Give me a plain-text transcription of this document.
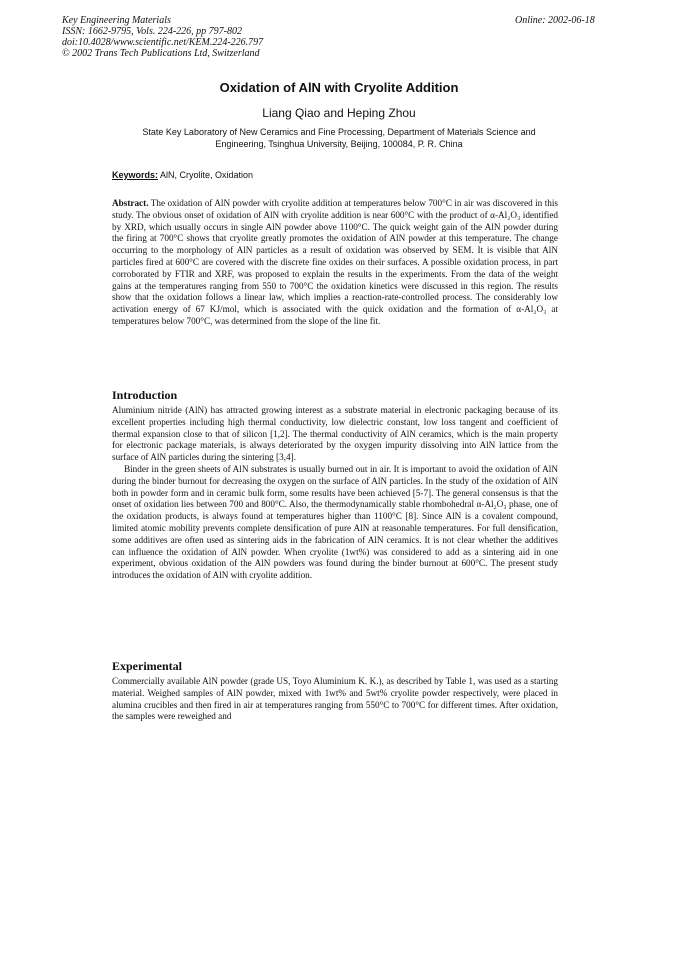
Key Engineering Materials
ISSN: 1662-9795, Vols. 224-226, pp 797-802
doi:10.4028/www.scientific.net/KEM.224-226.797
© 2002 Trans Tech Publications Ltd, Switzerland
Online: 2002-06-18
Oxidation of AlN with Cryolite Addition
Liang Qiao and Heping Zhou
State Key Laboratory of New Ceramics and Fine Processing, Department of Materials Science and
Engineering, Tsinghua University, Beijing, 100084, P. R. China
Keywords: AlN, Cryolite, Oxidation
Abstract. The oxidation of AlN powder with cryolite addition at temperatures below 700°C in air was discovered in this study. The obvious onset of oxidation of AlN with cryolite addition is near 600°C with the product of α-Al₂O₃ identified by XRD, which usually occurs in single AlN powder above 1100°C. The quick weight gain of the AlN powder during the firing at 700°C shows that cryolite greatly promotes the oxidation of AlN powder at this temperature. The change occurring to the morphology of AlN particles as a result of oxidation was observed by SEM. It is visible that AlN particles fired at 600°C are covered with the discrete fine oxides on their surfaces. A possible oxidation process, in part corroborated by FTIR and XRF, was proposed to explain the results in the experiments. From the data of the weight gains at the temperatures ranging from 550 to 700°C the oxidation kinetics were discussed in this region. The results show that the oxidation follows a linear law, which implies a reaction-rate-controlled process. The considerably low activation energy of 67 KJ/mol, which is associated with the quick oxidation and the formation of α-Al₂O₃ at temperatures below 700°C, was determined from the slope of the line fit.
Introduction

Aluminium nitride (AlN) has attracted growing interest as a substrate material in electronic packaging because of its excellent properties including high thermal conductivity, low dielectric constant, low loss tangent and coefficient of thermal expansion close to that of silicon [1,2]. The thermal conductivity of AlN ceramics, which is the main property for electronic package materials, is always deteriorated by the oxygen impurity dissolving into AlN lattice from the surface of AlN particles during the sintering [3,4].

Binder in the green sheets of AlN substrates is usually burned out in air. It is important to avoid the oxidation of AlN during the binder burnout for decreasing the oxygen on the surface of AlN particles. In the study of the oxidation of AlN both in powder form and in ceramic bulk form, some results have been achieved [5-7]. The general consensus is that the onset of oxidation lies between 700 and 800°C. Also, the thermodynamically stable rhombohedral α-Al₂O₃ phase, one of the oxidation products, is always found at temperatures higher than 1100°C [8]. Since AlN is a covalent compound, limited atomic mobility prevents complete densification of pure AlN at reasonable temperatures. For full densification, some additives are often used as sintering aids in the fabrication of AlN ceramics. It is not clear whether the additives can influence the oxidation of AlN powder. When cryolite (1wt%) was considered to add as a sintering aid in one experiment, obvious oxidation of the AlN powders was found during the binder burnout at 600°C. The present study introduces the oxidation of AlN with cryolite addition.

Experimental

Commercially available AlN powder (grade US, Toyo Aluminium K. K.), as described by Table 1, was used as a starting material. Weighed samples of AlN powder, mixed with 1wt% and 5wt% cryolite powder respectively, were placed in alumina crucibles and then fired in air at temperatures ranging from 550°C to 700°C for different times. After oxidation, the samples were reweighed and
